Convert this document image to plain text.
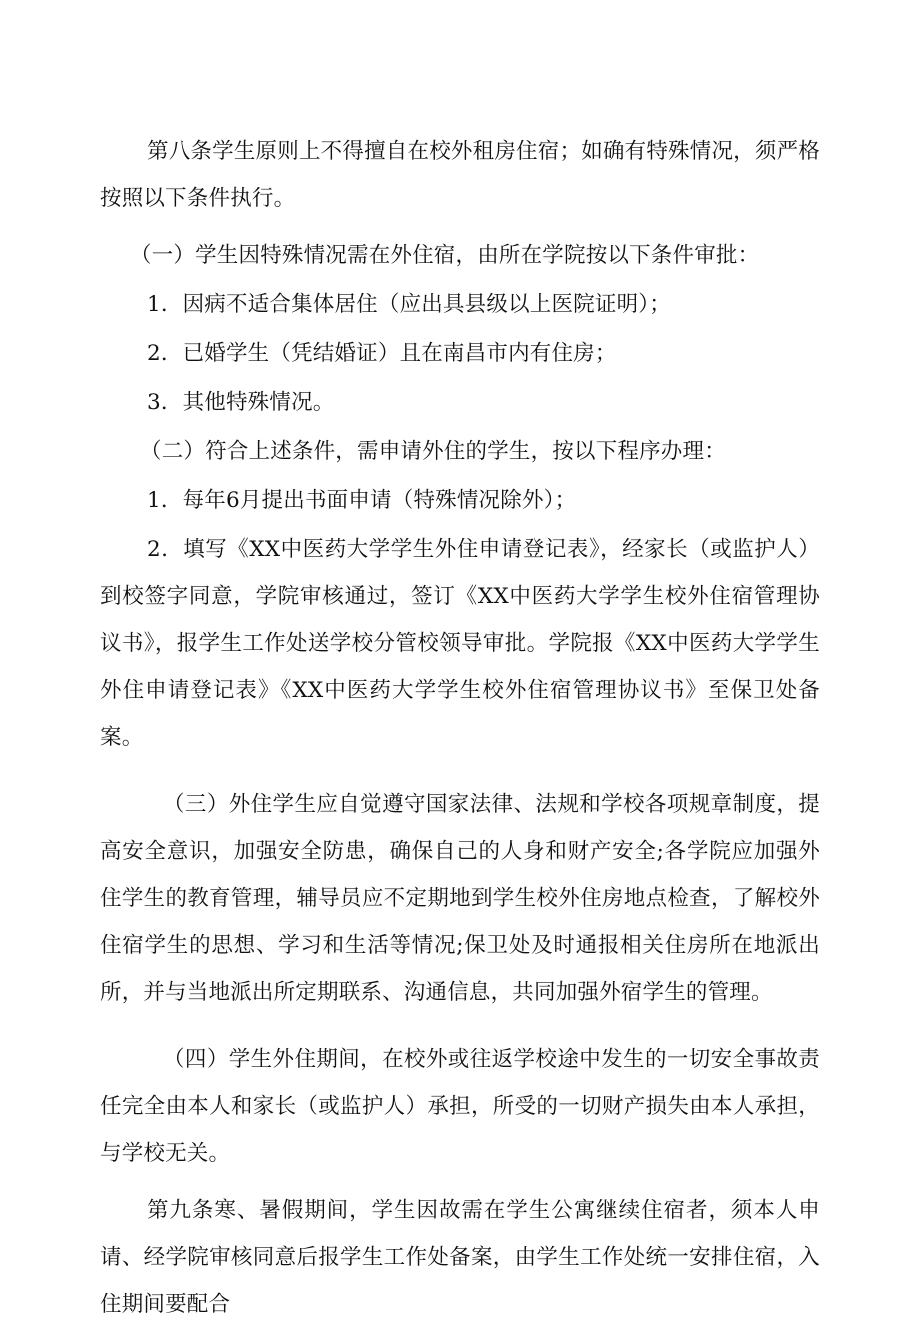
第八条学生原则上不得擅自在校外租房住宿；如确有特殊情况，须严格按照以下条件执行。

（一）学生因特殊情况需在外住宿，由所在学院按以下条件审批：

1．因病不适合集体居住（应出具县级以上医院证明）；

2．已婚学生（凭结婚证）且在南昌市内有住房；

3．其他特殊情况。

（二）符合上述条件，需申请外住的学生，按以下程序办理：

1．每年6月提出书面申请（特殊情况除外）；

2．填写《XX中医药大学学生外住申请登记表》，经家长（或监护人）到校签字同意，学院审核通过，签订《XX中医药大学学生校外住宿管理协议书》，报学生工作处送学校分管校领导审批。学院报《XX中医药大学学生外住申请登记表》《XX中医药大学学生校外住宿管理协议书》至保卫处备案。

（三）外住学生应自觉遵守国家法律、法规和学校各项规章制度，提高安全意识，加强安全防患，确保自己的人身和财产安全;各学院应加强外住学生的教育管理，辅导员应不定期地到学生校外住房地点检查，了解校外住宿学生的思想、学习和生活等情况;保卫处及时通报相关住房所在地派出所，并与当地派出所定期联系、沟通信息，共同加强外宿学生的管理。

（四）学生外住期间，在校外或往返学校途中发生的一切安全事故责任完全由本人和家长（或监护人）承担，所受的一切财产损失由本人承担，与学校无关。

第九条寒、暑假期间，学生因故需在学生公寓继续住宿者，须本人申请、经学院审核同意后报学生工作处备案，由学生工作处统一安排住宿，入住期间要配合
